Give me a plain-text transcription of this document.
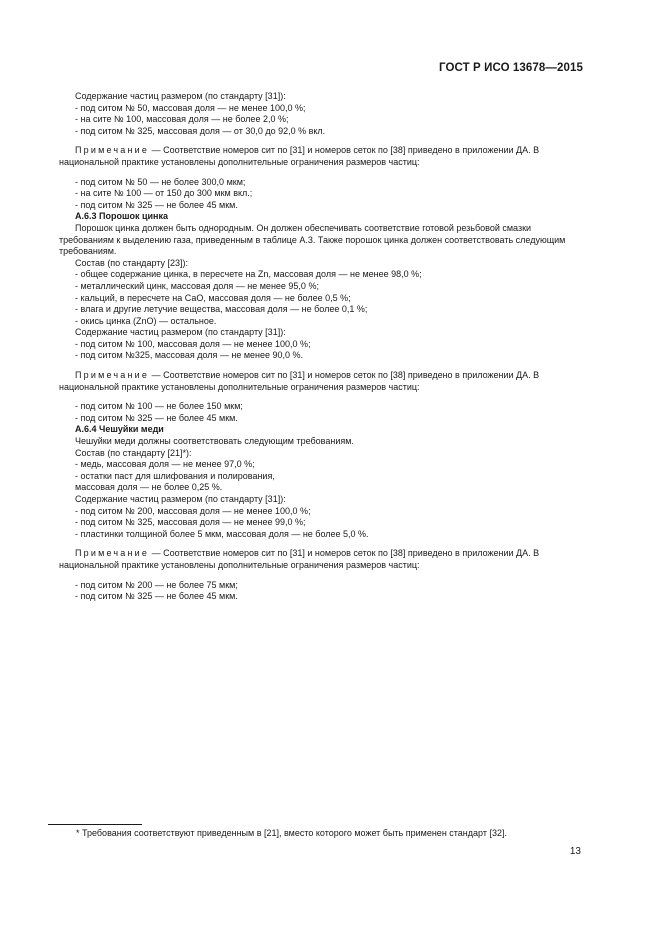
ГОСТ Р ИСО 13678—2015

Содержание частиц размером (по стандарту [31]):

- под ситом № 50, массовая доля — не менее 100,0 %;

- на сите № 100, массовая доля — не более 2,0 %;

- под ситом № 325, массовая доля — от 30,0 до 92,0 % вкл.

Примечание — Соответствие номеров сит по [31] и номеров сеток по [38] приведено в приложении ДА. В национальной практике установлены дополнительные ограничения размеров частиц:

- под ситом № 50 — не более 300,0 мкм;

- на сите № 100 — от 150 до 300 мкм вкл.;

- под ситом № 325 — не более 45 мкм.

А.6.3 Порошок цинка

Порошок цинка должен быть однородным. Он должен обеспечивать соответствие готовой резьбовой смазки требованиям к выделению газа, приведенным в таблице А.3. Также порошок цинка должен соответствовать следующим требованиям.

Состав (по стандарту [23]):

- общее содержание цинка, в пересчете на Zn, массовая доля — не менее 98,0 %;

- металлический цинк, массовая доля — не менее 95,0 %;

- кальций, в пересчете на СаО, массовая доля — не более 0,5 %;

- влага и другие летучие вещества, массовая доля — не более 0,1 %;

- окись цинка (ZnO) — остальное.

Содержание частиц размером (по стандарту [31]):

- под ситом № 100, массовая доля — не менее 100,0 %;

- под ситом №325, массовая доля — не менее 90,0 %.

Примечание — Соответствие номеров сит по [31] и номеров сеток по [38] приведено в приложении ДА. В национальной практике установлены дополнительные ограничения размеров частиц:

- под ситом № 100 — не более 150 мкм;

- под ситом № 325 — не более 45 мкм.

А.6.4 Чешуйки меди

Чешуйки меди должны соответствовать следующим требованиям.

Состав (по стандарту [21]*):

- медь, массовая доля — не менее 97,0 %;

- остатки паст для шлифования и полирования,

массовая доля — не более 0,25 %.

Содержание частиц размером (по стандарту [31]):

- под ситом № 200, массовая доля — не менее 100,0 %;

- под ситом № 325, массовая доля — не менее 99,0 %;

- пластинки толщиной более 5 мкм, массовая доля — не более 5,0 %.

Примечание — Соответствие номеров сит по [31] и номеров сеток по [38] приведено в приложении ДА. В национальной практике установлены дополнительные ограничения размеров частиц:

- под ситом № 200 — не более 75 мкм;

- под ситом № 325 — не более 45 мкм.

* Требования соответствуют приведенным в [21], вместо которого может быть применен стандарт [32].
13
